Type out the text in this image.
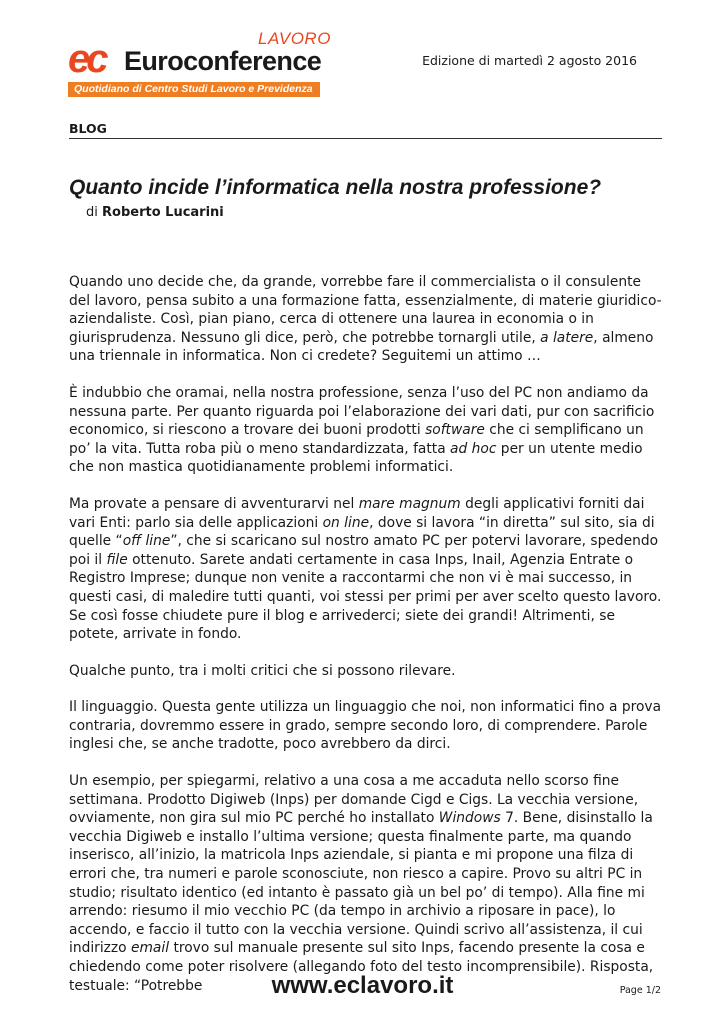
ec Euroconference
LAVORO
Quotidiano di Centro Studi Lavoro e Previdenza
Edizione di martedì 2 agosto 2016
BLOG
Quanto incide l’informatica nella nostra professione?
di Roberto Lucarini

Quando uno decide che, da grande, vorrebbe fare il commercialista o il consulente del lavoro, pensa subito a una formazione fatta, essenzialmente, di materie giuridico-aziendaliste. Così, pian piano, cerca di ottenere una laurea in economia o in giurisprudenza. Nessuno gli dice, però, che potrebbe tornargli utile, a latere, almeno una triennale in informatica. Non ci credete? Seguitemi un attimo …

È indubbio che oramai, nella nostra professione, senza l’uso del PC non andiamo da nessuna parte. Per quanto riguarda poi l’elaborazione dei vari dati, pur con sacrificio economico, si riescono a trovare dei buoni prodotti software che ci semplificano un po’ la vita. Tutta roba più o meno standardizzata, fatta ad hoc per un utente medio che non mastica quotidianamente problemi informatici.

Ma provate a pensare di avventurarvi nel mare magnum degli applicativi forniti dai vari Enti: parlo sia delle applicazioni on line, dove si lavora “in diretta” sul sito, sia di quelle “off line”, che si scaricano sul nostro amato PC per potervi lavorare, spedendo poi il file ottenuto. Sarete andati certamente in casa Inps, Inail, Agenzia Entrate o Registro Imprese; dunque non venite a raccontarmi che non vi è mai successo, in questi casi, di maledire tutti quanti, voi stessi per primi per aver scelto questo lavoro. Se così fosse chiudete pure il blog e arrivederci; siete dei grandi! Altrimenti, se potete, arrivate in fondo.

Qualche punto, tra i molti critici che si possono rilevare.

Il linguaggio. Questa gente utilizza un linguaggio che noi, non informatici fino a prova contraria, dovremmo essere in grado, sempre secondo loro, di comprendere. Parole inglesi che, se anche tradotte, poco avrebbero da dirci.

Un esempio, per spiegarmi, relativo a una cosa a me accaduta nello scorso fine settimana. Prodotto Digiweb (Inps) per domande Cigd e Cigs. La vecchia versione, ovviamente, non gira sul mio PC perché ho installato Windows 7. Bene, disinstallo la vecchia Digiweb e installo l’ultima versione; questa finalmente parte, ma quando inserisco, all’inizio, la matricola Inps aziendale, si pianta e mi propone una filza di errori che, tra numeri e parole sconosciute, non riesco a capire. Provo su altri PC in studio; risultato identico (ed intanto è passato già un bel po’ di tempo). Alla fine mi arrendo: riesumo il mio vecchio PC (da tempo in archivio a riposare in pace), lo accendo, e faccio il tutto con la vecchia versione. Quindi scrivo all’assistenza, il cui indirizzo email trovo sul manuale presente sul sito Inps, facendo presente la cosa e chiedendo come poter risolvere (allegando foto del testo incomprensibile). Risposta, testuale: “Potrebbe	www.eclavoro.it	Page 1/2
